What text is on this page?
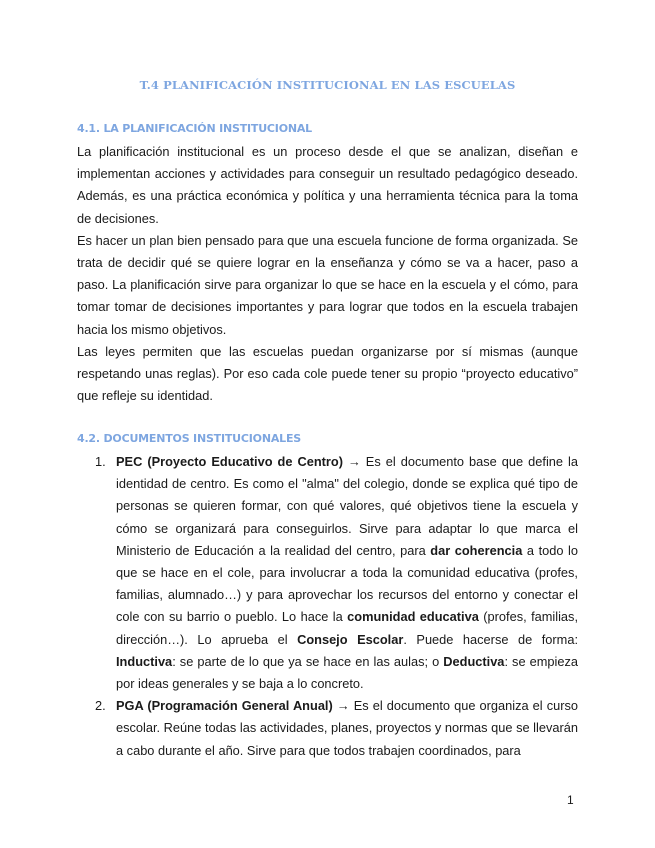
T.4 PLANIFICACIÓN INSTITUCIONAL EN LAS ESCUELAS
4.1. LA PLANIFICACIÓN INSTITUCIONAL

La planificación institucional es un proceso desde el que se analizan, diseñan e implementan acciones y actividades para conseguir un resultado pedagógico deseado. Además, es una práctica económica y política y una herramienta técnica para la toma de decisiones.

Es hacer un plan bien pensado para que una escuela funcione de forma organizada. Se trata de decidir qué se quiere lograr en la enseñanza y cómo se va a hacer, paso a paso. La planificación sirve para organizar lo que se hace en la escuela y el cómo, para tomar tomar de decisiones importantes y para lograr que todos en la escuela trabajen hacia los mismo objetivos.

Las leyes permiten que las escuelas puedan organizarse por sí mismas (aunque respetando unas reglas). Por eso cada cole puede tener su propio “proyecto educativo” que refleje su identidad.

4.2. DOCUMENTOS INSTITUCIONALES
1. PEC (Proyecto Educativo de Centro) → Es el documento base que define la identidad de centro. Es como el "alma" del colegio, donde se explica qué tipo de personas se quieren formar, con qué valores, qué objetivos tiene la escuela y cómo se organizará para conseguirlos. Sirve para adaptar lo que marca el Ministerio de Educación a la realidad del centro, para dar coherencia a todo lo que se hace en el cole, para involucrar a toda la comunidad educativa (profes, familias, alumnado…) y para aprovechar los recursos del entorno y conectar el cole con su barrio o pueblo. Lo hace la comunidad educativa (profes, familias, dirección…). Lo aprueba el Consejo Escolar. Puede hacerse de forma: Inductiva: se parte de lo que ya se hace en las aulas; o Deductiva: se empieza por ideas generales y se baja a lo concreto.
2. PGA (Programación General Anual) → Es el documento que organiza el curso escolar. Reúne todas las actividades, planes, proyectos y normas que se llevarán a cabo durante el año. Sirve para que todos trabajen coordinados, para
1
